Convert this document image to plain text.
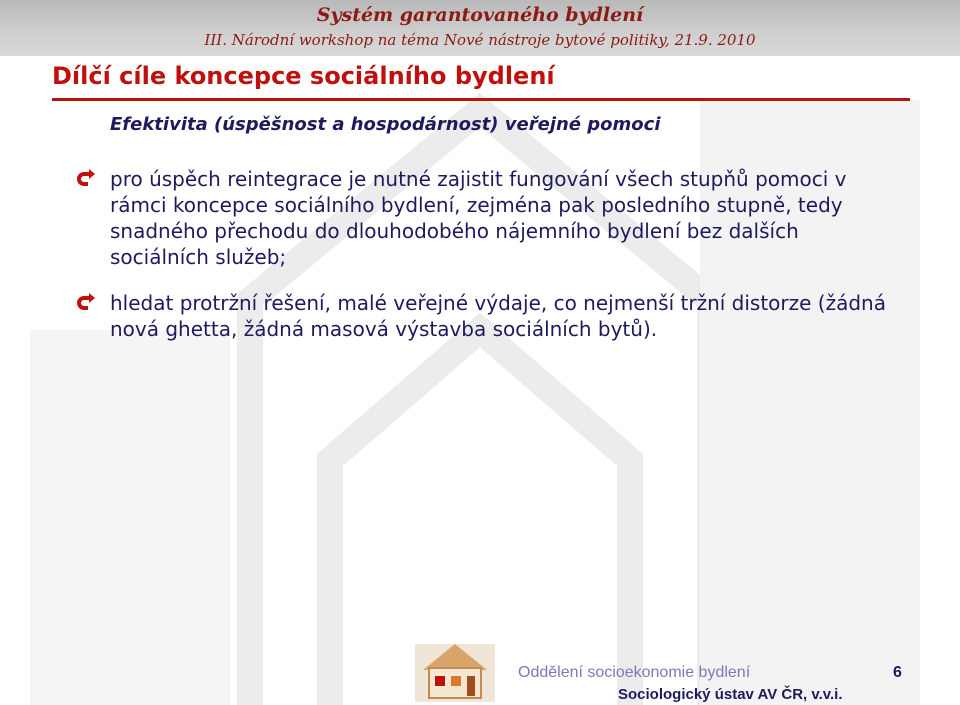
Systém garantovaného bydlení
III. Národní workshop na téma Nové nástroje bytové politiky, 21.9. 2010
Dílčí cíle koncepce sociálního bydlení
Efektivita (úspěšnost a hospodárnost) veřejné pomoci
pro úspěch reintegrace je nutné zajistit fungování všech stupňů pomoci v rámci koncepce sociálního bydlení, zejména pak posledního stupně, tedy snadného přechodu do dlouhodobého nájemního bydlení bez dalších sociálních služeb;
hledat protržní řešení, malé veřejné výdaje, co nejmenší tržní distorze (žádná nová ghetta, žádná masová výstavba sociálních bytů).
Oddělení socioekonomie bydlení
Sociologický ústav AV ČR, v.v.i.
6
